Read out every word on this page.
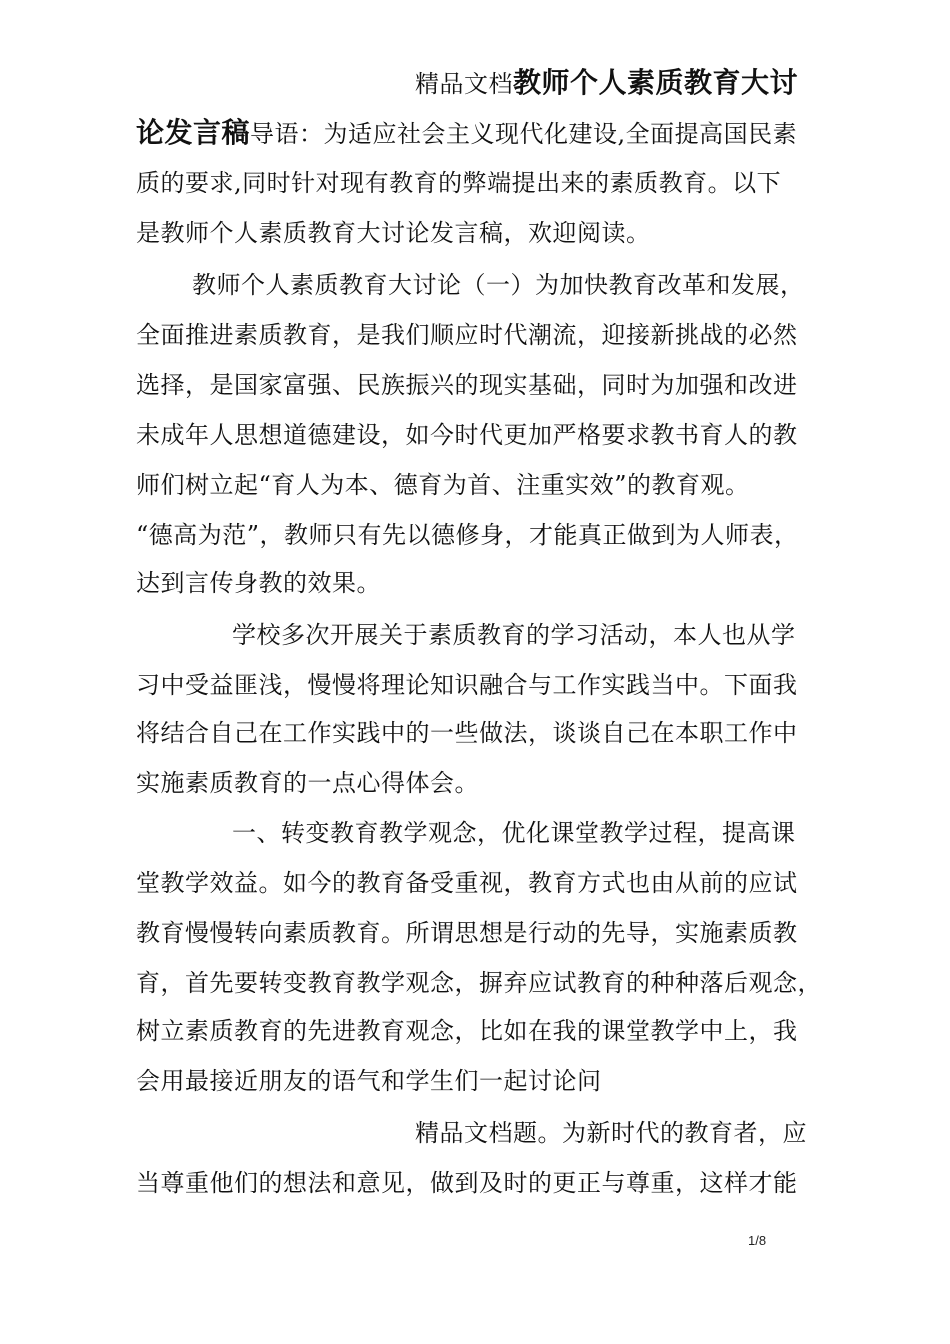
精品文档教师个人素质教育大讨
论发言稿导语：为适应社会主义现代化建设,全面提高国民素
质的要求,同时针对现有教育的弊端提出来的素质教育。以下
是教师个人素质教育大讨论发言稿，欢迎阅读。
教师个人素质教育大讨论（一）为加快教育改革和发展，
全面推进素质教育，是我们顺应时代潮流，迎接新挑战的必然
选择，是国家富强、民族振兴的现实基础，同时为加强和改进
未成年人思想道德建设，如今时代更加严格要求教书育人的教
师们树立起“育人为本、德育为首、注重实效”的教育观。
“德高为范”，教师只有先以德修身，才能真正做到为人师表，
达到言传身教的效果。
学校多次开展关于素质教育的学习活动，本人也从学
习中受益匪浅，慢慢将理论知识融合与工作实践当中。下面我
将结合自己在工作实践中的一些做法，谈谈自己在本职工作中
实施素质教育的一点心得体会。
一、转变教育教学观念，优化课堂教学过程，提高课
堂教学效益。如今的教育备受重视，教育方式也由从前的应试
教育慢慢转向素质教育。所谓思想是行动的先导，实施素质教
育，首先要转变教育教学观念，摒弃应试教育的种种落后观念，
树立素质教育的先进教育观念，比如在我的课堂教学中上，我
会用最接近朋友的语气和学生们一起讨论问
精品文档题。为新时代的教育者，应
当尊重他们的想法和意见，做到及时的更正与尊重，这样才能
1/8
